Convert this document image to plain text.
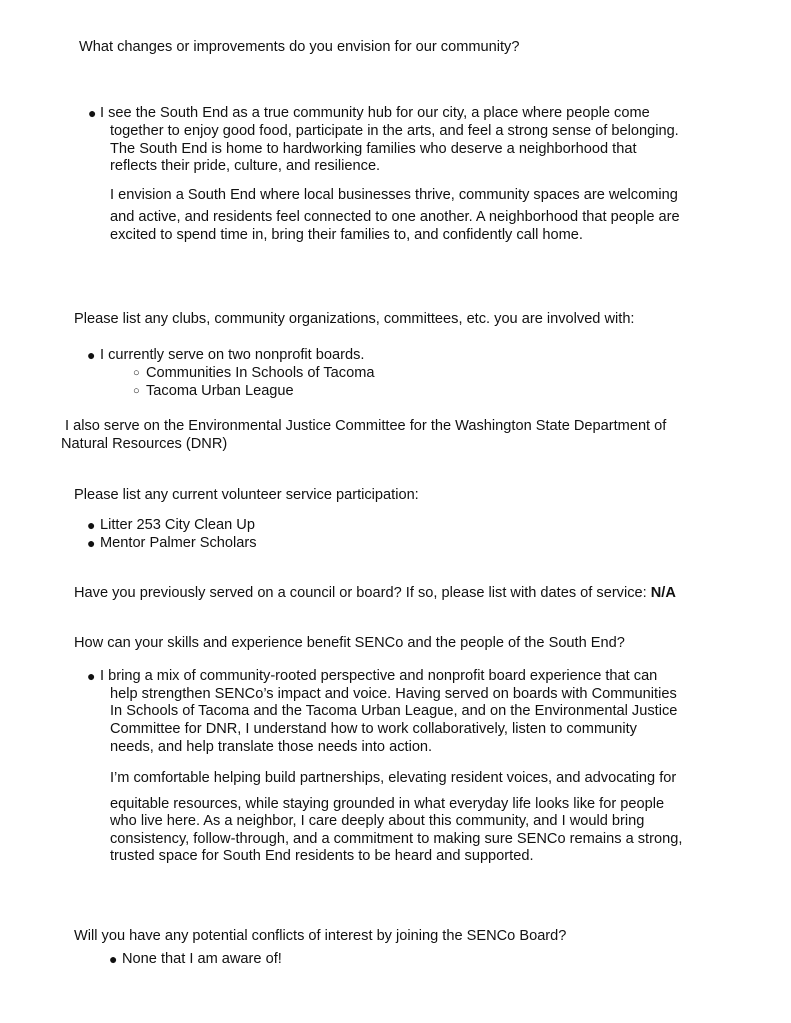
What changes or improvements do you envision for our community?
● I see the South End as a true community hub for our city, a place where people come
together to enjoy good food, participate in the arts, and feel a strong sense of belonging.
The South End is home to hardworking families who deserve a neighborhood that
reflects their pride, culture, and resilience.
I envision a South End where local businesses thrive, community spaces are welcoming
and active, and residents feel connected to one another. A neighborhood that people are
excited to spend time in, bring their families to, and confidently call home.
Please list any clubs, community organizations, committees, etc. you are involved with:
● I currently serve on two nonprofit boards.
○ Communities In Schools of Tacoma
○ Tacoma Urban League
I also serve on the Environmental Justice Committee for the Washington State Department of
Natural Resources (DNR)
Please list any current volunteer service participation:
● Litter 253 City Clean Up
● Mentor Palmer Scholars
Have you previously served on a council or board? If so, please list with dates of service: N/A
How can your skills and experience benefit SENCo and the people of the South End?
● I bring a mix of community-rooted perspective and nonprofit board experience that can
help strengthen SENCo’s impact and voice. Having served on boards with Communities
In Schools of Tacoma and the Tacoma Urban League, and on the Environmental Justice
Committee for DNR, I understand how to work collaboratively, listen to community
needs, and help translate those needs into action.
I’m comfortable helping build partnerships, elevating resident voices, and advocating for
equitable resources, while staying grounded in what everyday life looks like for people
who live here. As a neighbor, I care deeply about this community, and I would bring
consistency, follow-through, and a commitment to making sure SENCo remains a strong,
trusted space for South End residents to be heard and supported.
Will you have any potential conflicts of interest by joining the SENCo Board?
● None that I am aware of!
